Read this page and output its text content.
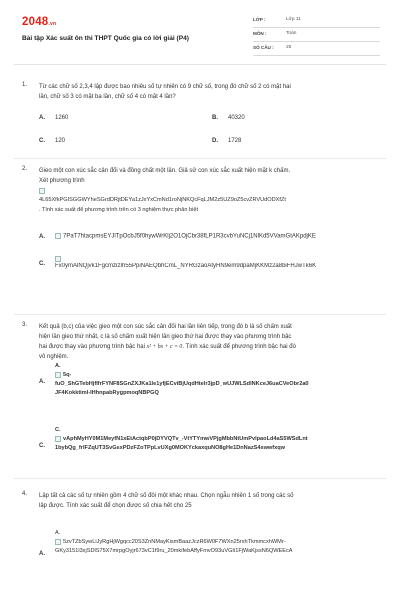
2048.vn
Bài tập Xác suất ôn thi THPT Quốc gia có lời giải (P4)
LỚP :	Lớp 11
MÔN :	Toán
SỐ CÂU :	25
1. Từ các chữ số 2,3,4 lập được bao nhiêu số tự nhiên có 9 chữ số, trong đó chữ số 2 có mặt hai
lần, chữ số 3 có mặt ba lần, chữ số 4 có mặt 4 lần?
A. 1260	B. 40320
C. 120	D. 1728
2. Gieo một con xúc sắc cân đối và đồng chất một lần. Giả sử con xúc sắc xuất hiện mặt k chấm.
Xét phương trình
4L65XfkPGISGGWYheSGrdDRjtDEYa1zJxYxCmNd1roNjNKQcFqLJM2z5UZ9oZ5cvZRVUdODXfZt
. Tính xác suất để phương trình trên có 3 nghiệm thực phân biệt
A.	7PaT7htacpmsEYJlTpOcbJ5f0hywWrKlj2O1OjCbr38fLP1R3cvbYuNCj1NlKd5VVamGtAKpdjKE
C. Fx0ymAlNQjvk1FgcmzizIh55PpiNAEQbhCmL_NYRGzaoAtyHN9em9dpaMjKKMz2a8biFHJwTk6K
3. Kết quả (b,c) của việc gieo một con súc sắc cân đối hai lần liên tiếp, trong đó b là số chấm xuất
hiện lần gieo thứ nhất, c là số chấm xuất hiện lần gieo thứ hai được thay vào phương trình bậc
hai được thay vào phương trình bậc hai x² + bx + c = 0. Tính xác suất để phương trình bậc hai đó
vô nghiệm.
A.
A.
5q-
fuO_ShGTebHjfIfrFYNF8SGnZXJKa1Ie1yfjECviBjUqdHtelr3jpD_wUJWLSdlNKceJ6uaCVeObr2a0
JF4Kokktiml-IHhnpabRygpmoqNBPGQ
C.
C.
vAphMyHY0M1MeyfN1xEtActqbP0jDYVQTv_-VtYTYmwVPjgMbbNtUmPvlpaoLd4aS5WSdLnt
1bybQg_frlFZqUT3SvGsxPDzFZoTPpLvUXg0MOKYckaxquNO8gHe1DnNazS4swwfxqw
4. Lập tất cả các số tự nhiên gồm 4 chữ số đôi một khác nhau. Chọn ngẫu nhiên 1 số trong các số
lập được. Tính xác suất để chọn được số chia hết cho 25
A.
A.
5zvTZbSywLiJyRgHjWgqcc20S3ZnNMayKismBaazJczR6W0F7WXn25rxhTkmmcxhWMr-
GKy3151l3xjSDlS75X7mrpgOyjr673vC1f9ru_20mkifebAffyFmvO93uVGIi1FjWaKjssN6QWEEcA
